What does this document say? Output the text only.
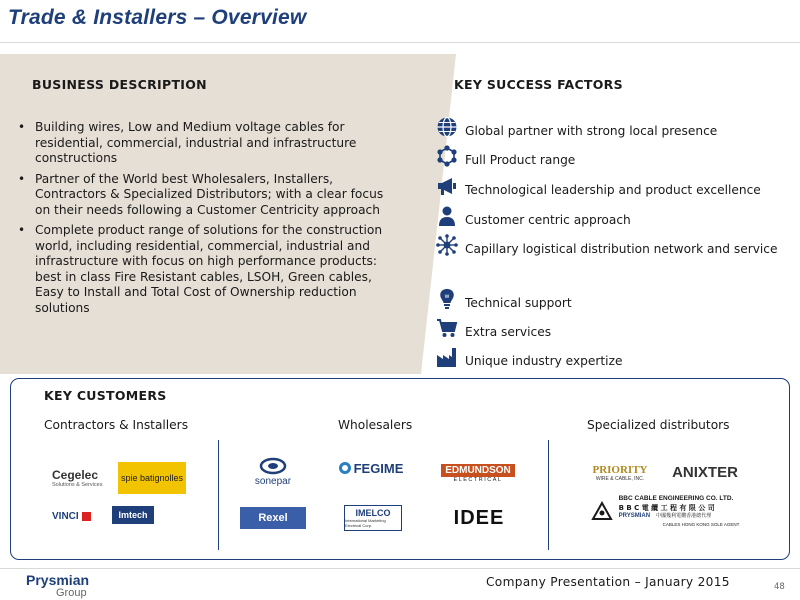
Trade & Installers – Overview
BUSINESS DESCRIPTION
• Building wires, Low and Medium voltage cables for residential, commercial, industrial and infrastructure constructions
• Partner of the World best Wholesalers, Installers, Contractors & Specialized Distributors; with a clear focus on their needs following a Customer Centricity approach
• Complete product range of solutions for the construction world, including residential, commercial, industrial and infrastructure with focus on high performance products: best in class Fire Resistant cables, LSOH, Green cables, Easy to Install and Total Cost of Ownership reduction solutions
KEY SUCCESS FACTORS
Global partner with strong local presence
Full Product range
Technological leadership and product excellence
Customer centric approach
Capillary logistical distribution network and service
w Technical support
Extra services
Unique industry expertize
KEY CUSTOMERS
Contractors & Installers	Wholesalers	Specialized distributors
Cegelec
Solutions & Services
spie batignolles
VINCI	Imtech
sonepar
FEGIME	EDMUNDSON
ELECTRICAL
Rexel	IMELCO
International Marketing Electrical Corp.	IDEE
PRIORITY
WIRE & CABLE, INC. ANIXTER
BBC CABLE ENGINEERING CO. LTD.
B B C 電 纜 工 程 有 限 公 司
PRYSMIAN 中國幾利電纜香港總代理
CABLES HONG KONG SOLE AGENT
Prysmian
Group
Company Presentation – January 2015	48
